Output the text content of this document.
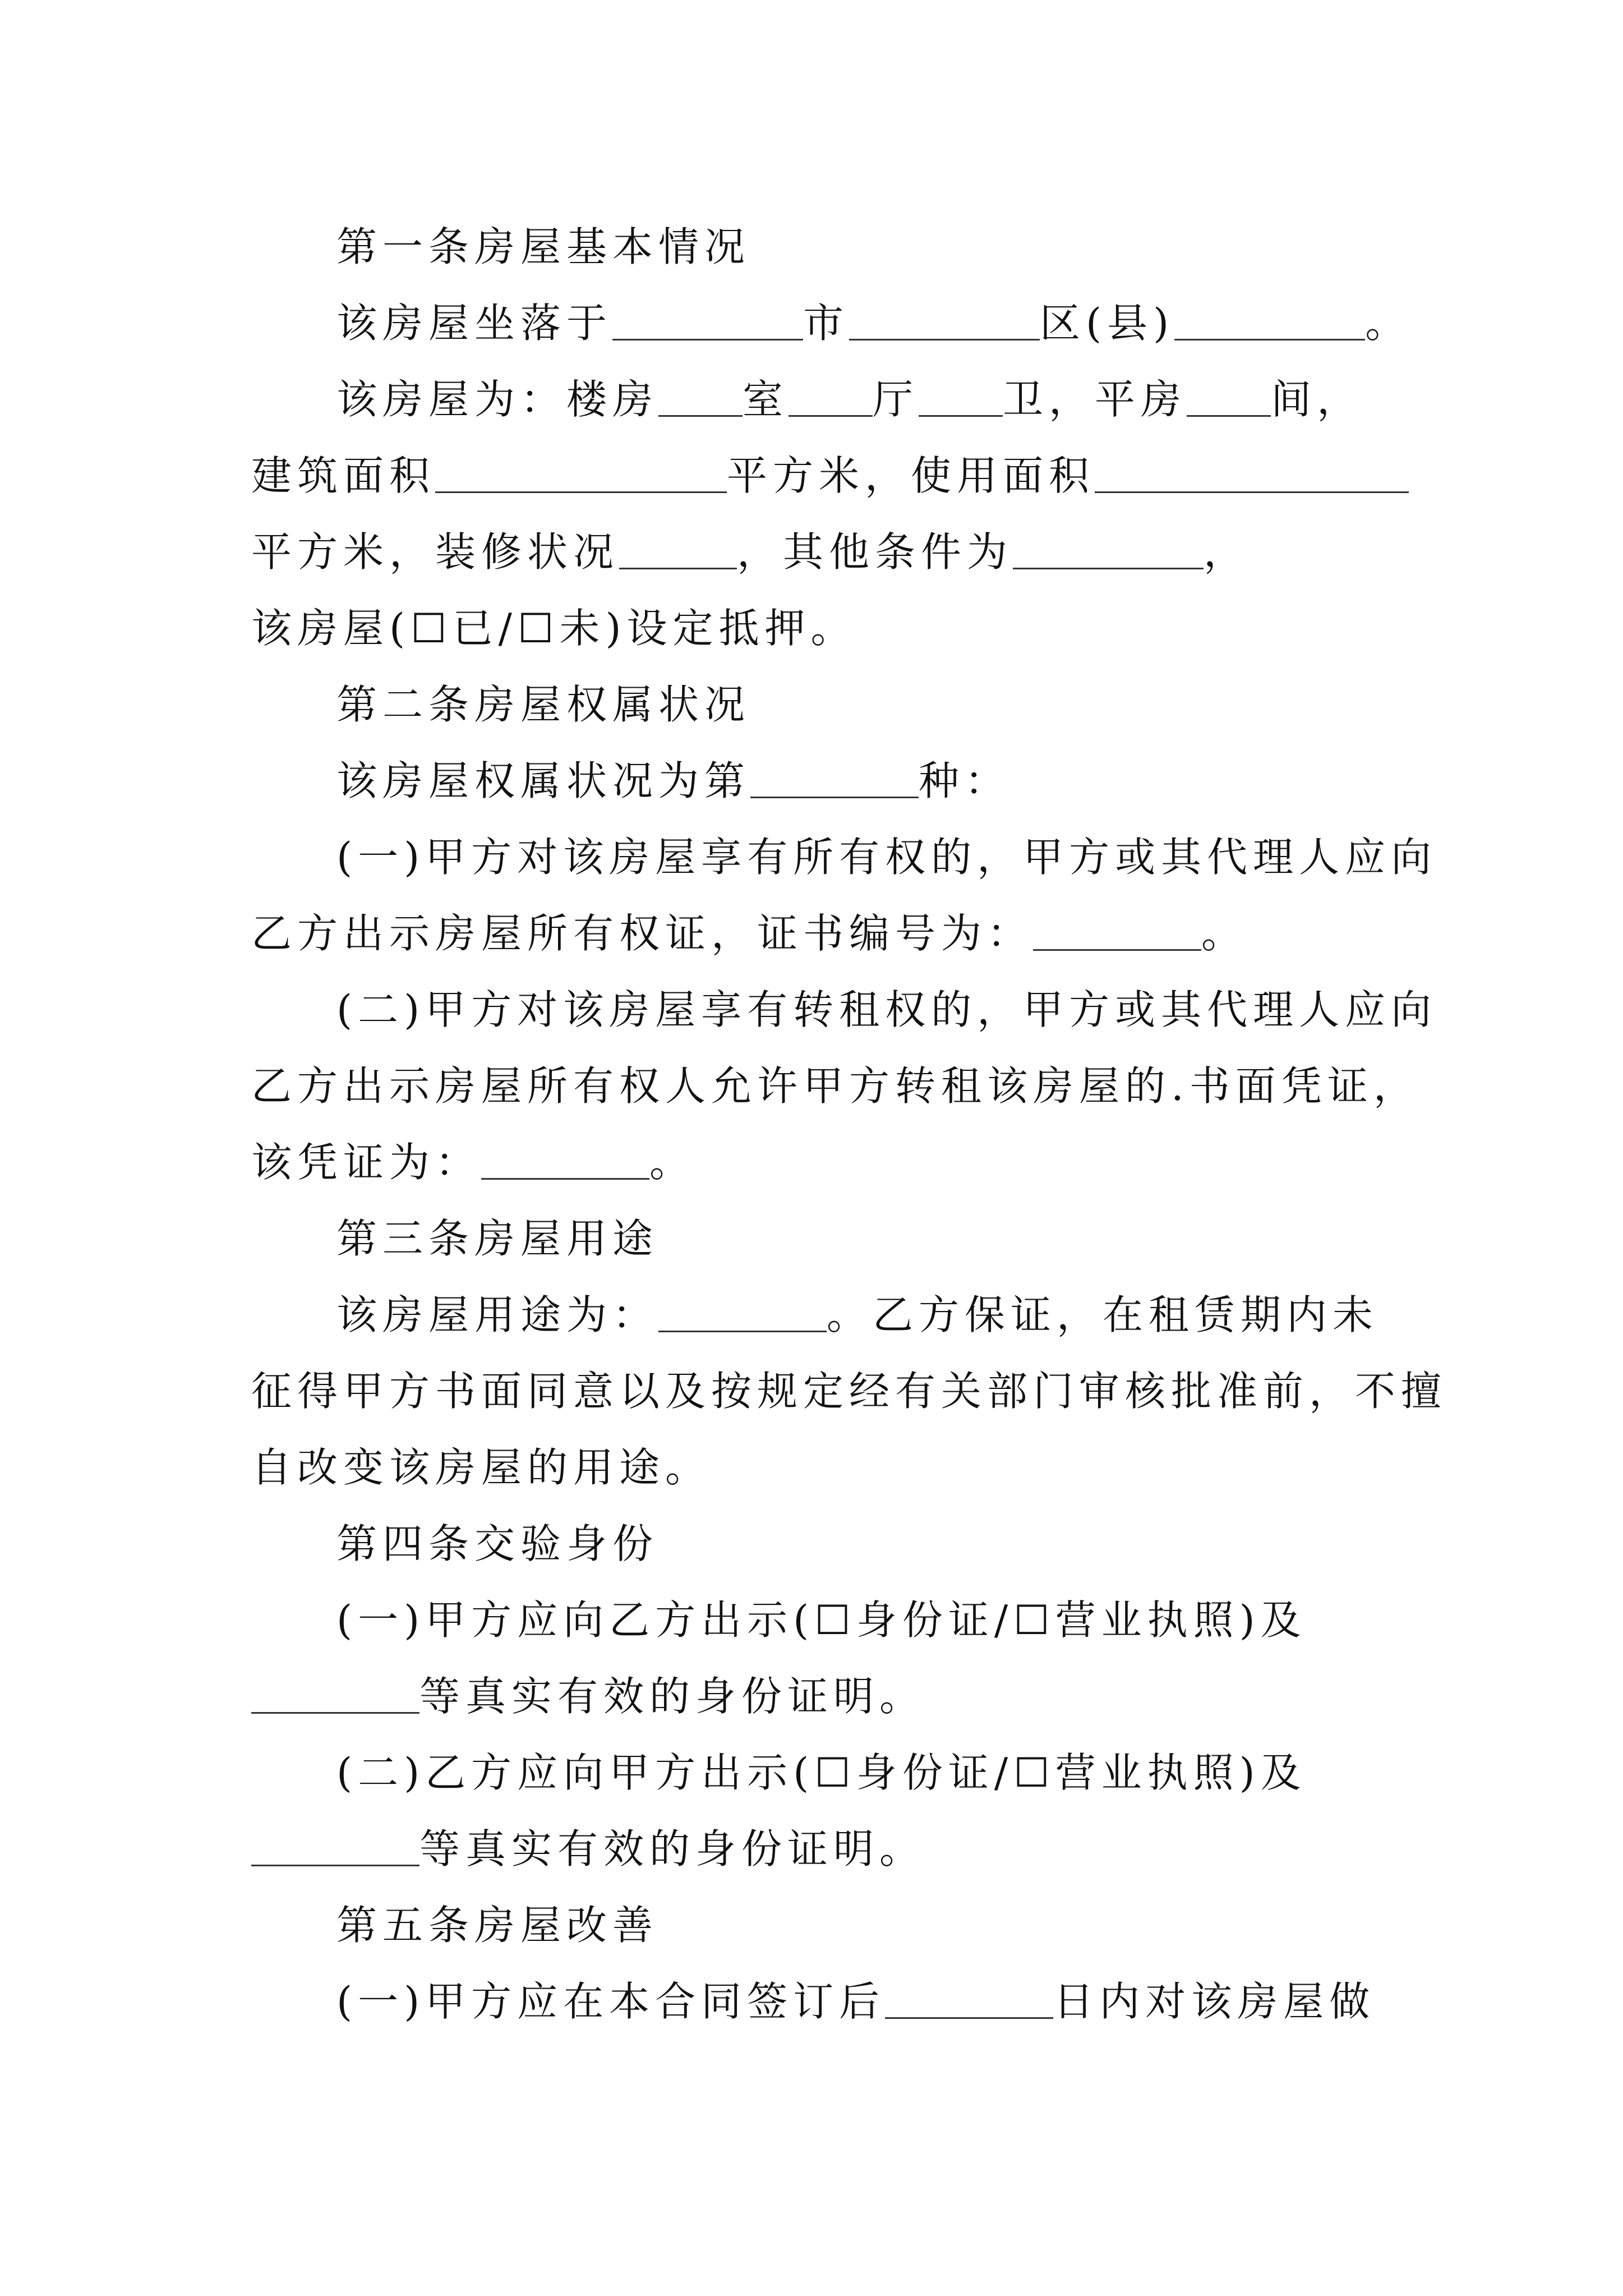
第一条房屋基本情况
该房屋坐落于	市	区(县)	。
该房屋为：楼房 室 厅 卫，平房 间，
建筑面积	平方米，使用面积
平方米，装修状况	，其他条件为	，
该房屋(☐已/☐未)设定抵押。
第二条房屋权属状况
该房屋权属状况为第	种：
(一)甲方对该房屋享有所有权的，甲方或其代理人应向
乙方出示房屋所有权证，证书编号为：	。
(二)甲方对该房屋享有转租权的，甲方或其代理人应向
乙方出示房屋所有权人允许甲方转租该房屋的.书面凭证，
该凭证为：	。
第三条房屋用途
该房屋用途为：	。乙方保证，在租赁期内未
征得甲方书面同意以及按规定经有关部门审核批准前，不擅
自改变该房屋的用途。
第四条交验身份
(一)甲方应向乙方出示(☐身份证/☐营业执照)及
等真实有效的身份证明。
(二)乙方应向甲方出示(☐身份证/☐营业执照)及
等真实有效的身份证明。
第五条房屋改善
(一)甲方应在本合同签订后	日内对该房屋做
